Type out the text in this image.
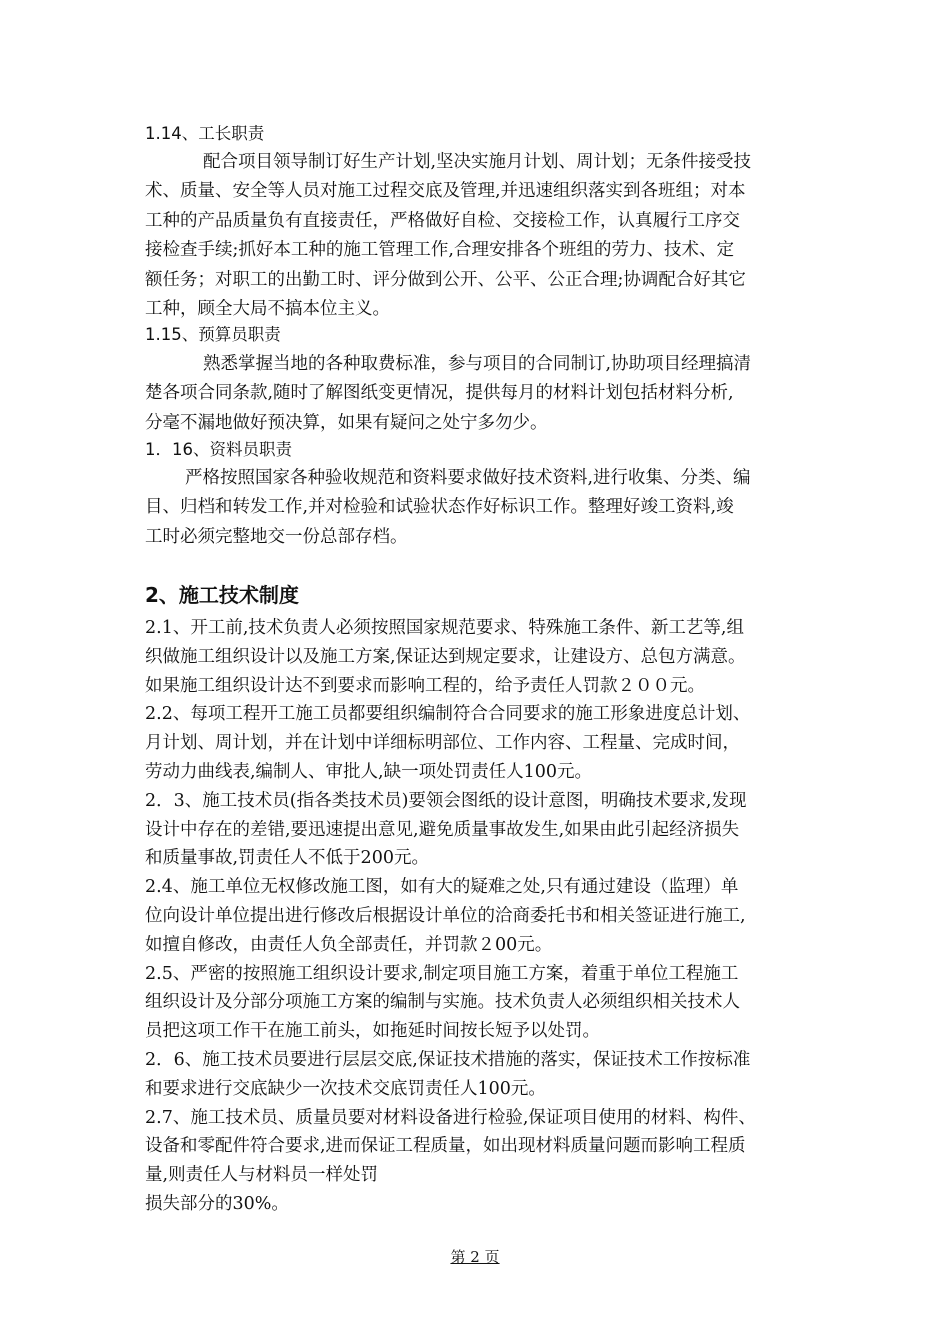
1.14、工长职责
配合项目领导制订好生产计划,坚决实施月计划、周计划；无条件接受技
术、质量、安全等人员对施工过程交底及管理,并迅速组织落实到各班组；对本
工种的产品质量负有直接责任，严格做好自检、交接检工作，认真履行工序交
接检查手续;抓好本工种的施工管理工作,合理安排各个班组的劳力、技术、定
额任务；对职工的出勤工时、评分做到公开、公平、公正合理;协调配合好其它
工种，顾全大局不搞本位主义。
1.15、预算员职责
熟悉掌握当地的各种取费标准，参与项目的合同制订,协助项目经理搞清
楚各项合同条款,随时了解图纸变更情况，提供每月的材料计划包括材料分析,
分毫不漏地做好预决算，如果有疑问之处宁多勿少。
1．16、资料员职责
严格按照国家各种验收规范和资料要求做好技术资料,进行收集、分类、编
目、归档和转发工作,并对检验和试验状态作好标识工作。整理好竣工资料,竣
工时必须完整地交一份总部存档。
2、施工技术制度
2.1、开工前,技术负责人必须按照国家规范要求、特殊施工条件、新工艺等,组
织做施工组织设计以及施工方案,保证达到规定要求，让建设方、总包方满意。
如果施工组织设计达不到要求而影响工程的，给予责任人罚款２００元。
2.2、每项工程开工施工员都要组织编制符合合同要求的施工形象进度总计划、
月计划、周计划，并在计划中详细标明部位、工作内容、工程量、完成时间，
劳动力曲线表,编制人、审批人,缺一项处罚责任人100元。
2．3、施工技术员(指各类技术员)要领会图纸的设计意图，明确技术要求,发现
设计中存在的差错,要迅速提出意见,避免质量事故发生,如果由此引起经济损失
和质量事故,罚责任人不低于200元。
2.4、施工单位无权修改施工图，如有大的疑难之处,只有通过建设（监理）单
位向设计单位提出进行修改后根据设计单位的洽商委托书和相关签证进行施工,
如擅自修改，由责任人负全部责任，并罚款２00元。
2.5、严密的按照施工组织设计要求,制定项目施工方案，着重于单位工程施工
组织设计及分部分项施工方案的编制与实施。技术负责人必须组织相关技术人
员把这项工作干在施工前头，如拖延时间按长短予以处罚。
2．6、施工技术员要进行层层交底,保证技术措施的落实，保证技术工作按标准
和要求进行交底缺少一次技术交底罚责任人100元。
2.7、施工技术员、质量员要对材料设备进行检验,保证项目使用的材料、构件、
设备和零配件符合要求,进而保证工程质量，如出现材料质量问题而影响工程质
量,则责任人与材料员一样处罚
损失部分的30%。
第 2 页
